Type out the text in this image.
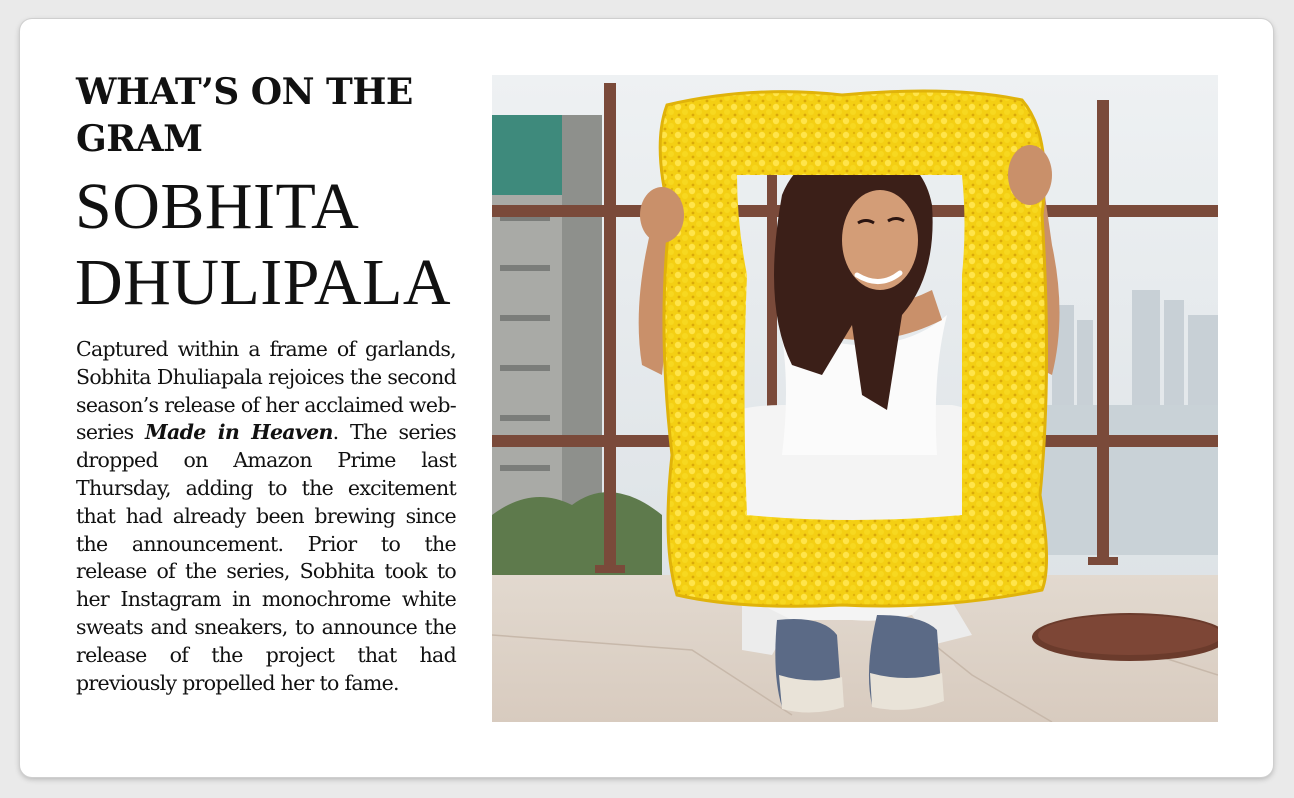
WHAT’S ON THE GRAM
SOBHITA DHULIPALA
Captured within a frame of garlands, Sobhita Dhuliapala rejoices the second season’s release of her acclaimed web-series Made in Heaven. The series dropped on Amazon Prime last Thursday, adding to the excitement that had already been brewing since the announcement. Prior to the release of the series, Sobhita took to her Instagram in monochrome white sweats and sneakers, to announce the release of the project that had previously propelled her to fame.
